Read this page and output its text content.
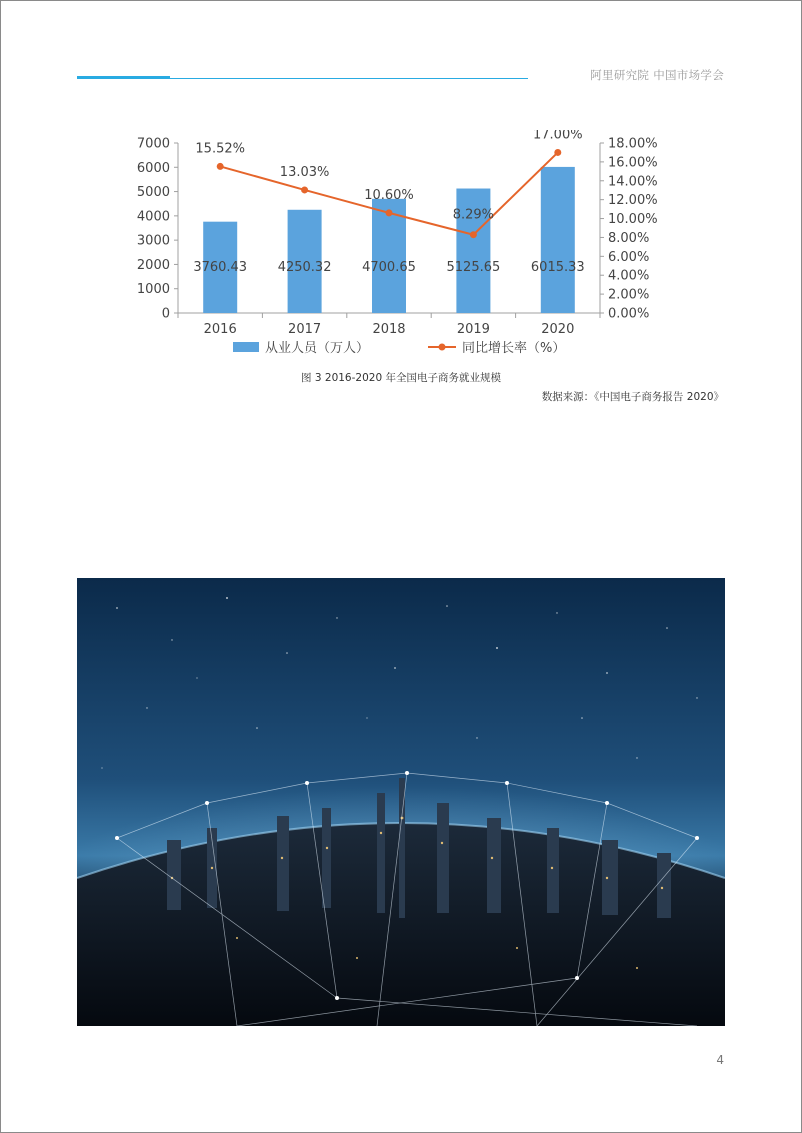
阿里研究院 中国市场学会
0
1000
2000
3000
4000
5000
6000
7000
0.00%
2.00%
4.00%
6.00%
8.00%
10.00%
12.00%
14.00%
16.00%
18.00%
3760.43
2016
4250.32
2017
4700.65
2018
5125.65
2019
6015.33
2020
15.52%
13.03%
10.60%
8.29%
17.00%
从业人员（万人）	同比增长率（%）
图 3 2016-2020 年全国电子商务就业规模
数据来源：《中国电子商务报告 2020》
4
